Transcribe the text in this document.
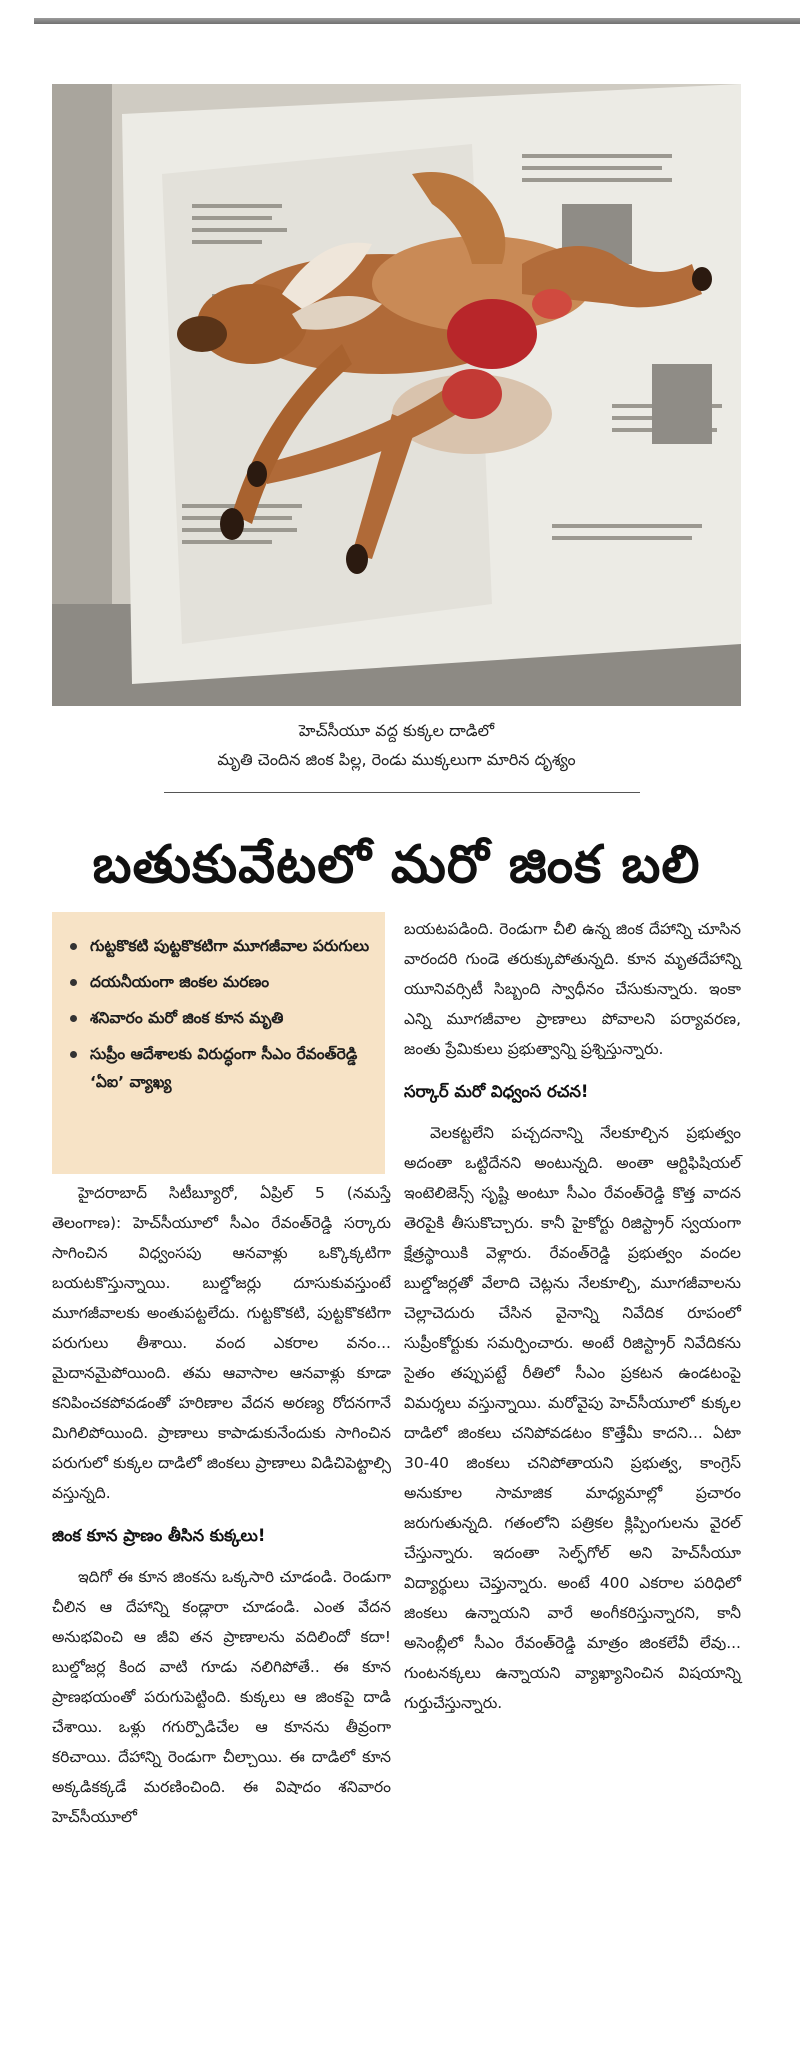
హెచ్‌సీయూ వద్ద కుక్కల దాడిలో
మృతి చెందిన జింక పిల్ల, రెండు ముక్కలుగా మారిన దృశ్యం
బతుకువేటలో మరో జింక బలి
గుట్టకొకటి పుట్టకొకటిగా మూగజీవాల పరుగులు
దయనీయంగా జింకల మరణం
శనివారం మరో జింక కూన మృతి
సుప్రీం ఆదేశాలకు విరుద్ధంగా సీఎం రేవంత్‌రెడ్డి ‘ఏఐ’ వ్యాఖ్య

హైదరాబాద్ సిటీబ్యూరో, ఏప్రిల్ 5 (నమస్తే తెలంగాణ): హెచ్‌సీయూలో సీఎం రేవంత్‌రెడ్డి సర్కారు సాగించిన విధ్వంసపు ఆనవాళ్లు ఒక్కొక్కటిగా బయటకొస్తున్నాయి. బుల్డోజర్లు దూసుకువస్తుంటే మూగజీవాలకు అంతుపట్టలేదు. గుట్టకొకటి, పుట్టకొకటిగా పరుగులు తీశాయి. వంద ఎకరాల వనం... మైదానమైపోయింది. తమ ఆవాసాల ఆనవాళ్లు కూడా కనిపించకపోవడంతో హరిణాల వేదన అరణ్య రోదనగానే మిగిలిపోయింది. ప్రాణాలు కాపాడుకునేందుకు సాగించిన పరుగులో కుక్కల దాడిలో జింకలు ప్రాణాలు విడిచిపెట్టాల్సి వస్తున్నది.

జింక కూన ప్రాణం తీసిన కుక్కలు!

ఇదిగో ఈ కూన జింకను ఒక్కసారి చూడండి. రెండుగా చీలిన ఆ దేహాన్ని కండ్లారా చూడండి. ఎంత వేదన అనుభవించి ఆ జీవి తన ప్రాణాలను వదిలిందో కదా! బుల్డోజర్ల కింద వాటి గూడు నలిగిపోతే.. ఈ కూన ప్రాణభయంతో పరుగుపెట్టింది. కుక్కలు ఆ జింకపై దాడి చేశాయి. ఒళ్లు గగుర్పొడిచేల ఆ కూనను తీవ్రంగా కరిచాయి. దేహాన్ని రెండుగా చీల్చాయి. ఈ దాడిలో కూన అక్కడికక్కడే మరణించింది. ఈ విషాదం శనివారం హెచ్‌సీయూలో

బయటపడింది. రెండుగా చీలి ఉన్న జింక దేహాన్ని చూసిన వారందరి గుండె తరుక్కుపోతున్నది. కూన మృతదేహాన్ని యూనివర్సిటీ సిబ్బంది స్వాధీనం చేసుకున్నారు. ఇంకా ఎన్ని మూగజీవాల ప్రాణాలు పోవాలని పర్యావరణ, జంతు ప్రేమికులు ప్రభుత్వాన్ని ప్రశ్నిస్తున్నారు.

సర్కార్ మరో విధ్వంస రచన!

వెలకట్టలేని పచ్చదనాన్ని నేలకూల్చిన ప్రభుత్వం అదంతా ఒట్టిదేనని అంటున్నది. అంతా ఆర్టిఫిషియల్ ఇంటెలిజెన్స్ సృష్టి అంటూ సీఎం రేవంత్‌రెడ్డి కొత్త వాదన తెరపైకి తీసుకొచ్చారు. కానీ హైకోర్టు రిజిస్ట్రార్ స్వయంగా క్షేత్రస్థాయికి వెళ్లారు. రేవంత్‌రెడ్డి ప్రభుత్వం వందల బుల్డోజర్లతో వేలాది చెట్లను నేలకూల్చి, మూగజీవాలను చెల్లాచెదురు చేసిన వైనాన్ని నివేదిక రూపంలో సుప్రీంకోర్టుకు సమర్పించారు. అంటే రిజిస్ట్రార్ నివేదికను సైతం తప్పుపట్టే రీతిలో సీఎం ప్రకటన ఉండటంపై విమర్శలు వస్తున్నాయి. మరోవైపు హెచ్‌సీయూలో కుక్కల దాడిలో జింకలు చనిపోవడటం కొత్తేమీ కాదని... ఏటా 30-40 జింకలు చనిపోతాయని ప్రభుత్వ, కాంగ్రెస్ అనుకూల సామాజిక మాధ్యమాల్లో ప్రచారం జరుగుతున్నది. గతంలోని పత్రికల క్లిప్పింగులను వైరల్ చేస్తున్నారు. ఇదంతా సెల్ఫ్‌గోల్ అని హెచ్‌సీయూ విద్యార్థులు చెప్తున్నారు. అంటే 400 ఎకరాల పరిధిలో జింకలు ఉన్నాయని వారే అంగీకరిస్తున్నారని, కానీ అసెంబ్లీలో సీఎం రేవంత్‌రెడ్డి మాత్రం జింకలేవీ లేవు... గుంటనక్కలు ఉన్నాయని వ్యాఖ్యానించిన విషయాన్ని గుర్తుచేస్తున్నారు.
